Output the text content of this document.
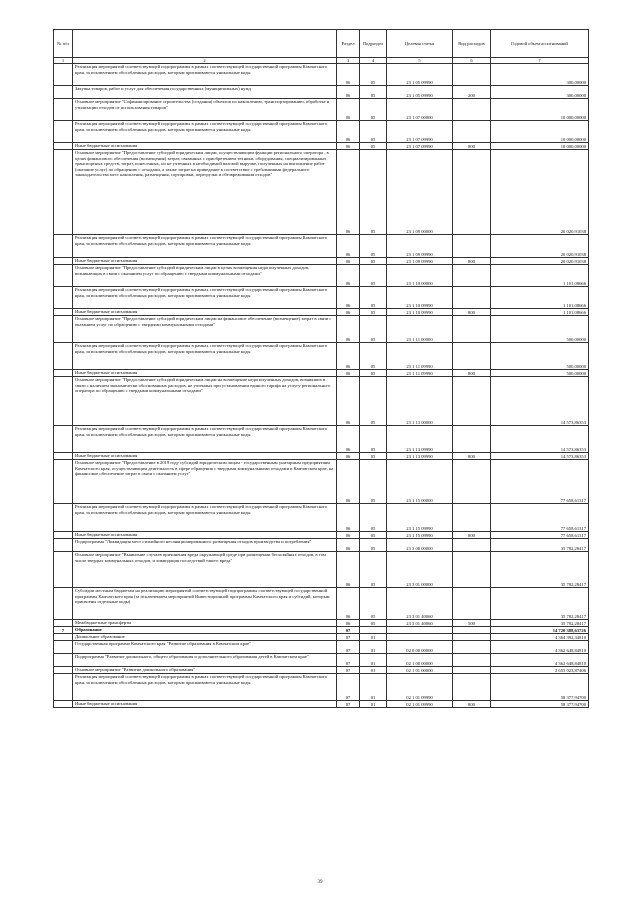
№ п/п		Раздел	Подраздел	Целевая статья	Вид расходов	Годовой объем ассигнований
1	2	3	4	5	6	7
	Реализация мероприятий соответствующей подпрограммы в рамках соответствующей государственной программы Камчатского края, за исключением обособленных расходов, которым присваиваются уникальные коды	06	05	23 1 05 09990		300,00000
	Закупка товаров, работ и услуг для обеспечения государственных (муниципальных) нужд	06	05	23 1 05 09990	200	300,00000
	Основное мероприятие "Софинансирование строительства (создания) объектов по накоплению, транспортированию, обработке и утилизации отходов от использования товаров"	06	05	23 1 07 00000		10 000,00000
	Реализация мероприятий соответствующей подпрограммы в рамках соответствующей государственной программы Камчатского края, за исключением обособленных расходов, которым присваиваются уникальные коды	06	05	23 1 07 09990		10 000,00000
	Иные бюджетные ассигнования	06	05	23 1 07 09990	800	10 000,00000
	Основное мероприятие "Предоставление субсидий юридическим лицам, осуществляющим функции регионального оператора , в целях финансового обеспечения (возмещения) затрат, связанных с приобретением техники, оборудования, специализированных транспортных средств, затрат, понесенных, но не учтенных в необходимой валовой выручке, полученных на выполнение работ (оказание услуг) по обращению с отходами, а также затрат на приведение в соответствие с требованиями федерального законодательства мест накопления, размещения, сортировки, перегрузки и обезвреживания отходов"	06	05	23 1 09 00000		20 020,91038
	Реализация мероприятий соответствующей подпрограммы в рамках соответствующей государственной программы Камчатского края, за исключением обособленных расходов, которым присваиваются уникальные коды	06	05	23 1 09 09990		20 020,91038
	Иные бюджетные ассигнования	06	05	23 1 09 09990	800	20 020,91038
	Основное мероприятие "Предоставление субсидий юридическим лицам в целях возмещения недополученных доходов, возникающих в связи с оказанием услуг по обращению с твердыми коммунальными отходами"	06	05	23 1 10 00000		1 101,08666
	Реализация мероприятий соответствующей подпрограммы в рамках соответствующей государственной программы Камчатского края, за исключением обособленных расходов, которым присваиваются уникальные коды	06	05	23 1 10 09990		1 101,08666
	Иные бюджетные ассигнования	06	05	23 1 10 09990	800	1 101,08666
	Основное мероприятие "Предоставление субсидий юридическим лицам на финансовое обеспечение (возмещение) затрат в связи с оказанием услуг по обращению с твердыми коммунальными отходами"	06	05	23 1 11 00000		500,00000
	Реализация мероприятий соответствующей подпрограммы в рамках соответствующей государственной программы Камчатского края, за исключением обособленных расходов, которым присваиваются уникальные коды	06	05	23 1 11 09990		500,00000
	Иные бюджетные ассигнования	06	05	23 1 11 09990	800	500,00000
	Основное мероприятие "Предоставление субсидий юридическим лицам на возмещение недополученных доходов, возникших в связи с наличием экономически обоснованных расходов, не учтенных при установлении единого тарифа на услугу регионального оператора по обращению с твердыми коммунальными отходами"	06	05	23 1 13 00000		14 573,86353
	Реализация мероприятий соответствующей подпрограммы в рамках соответствующей государственной программы Камчатского края, за исключением обособленных расходов, которым присваиваются уникальные коды	06	05	23 1 13 09990		14 573,86353
	Иные бюджетные ассигнования	06	05	23 1 13 09990	800	14 573,86353
	Основное мероприятие "Предоставление в 2019 году субсидий юридическим лицам - государственным унитарным предприятиям Камчатского края, осуществляющим деятельность в сфере обращения с твердыми коммунальными отходами в Камчатском крае, на финансовое обеспечение затрат в связи с оказанием услуг"	06	05	23 1 15 00000		77 658,61317
	Реализация мероприятий соответствующей подпрограммы в рамках соответствующей государственной программы Камчатского края, за исключением обособленных расходов, которым присваиваются уникальные коды	06	05	23 1 15 09990		77 658,61317
	Иные бюджетные ассигнования	06	05	23 1 15 09990	800	77 658,61317
	Подпрограмма "Ликвидация мест стихийного несанкционированного размещения отходов производства и потребления"	06	05	23 3 00 00000		35 782,28417
	Основное мероприятие "Выявление случаев причинения вреда окружающей среде при размещении бесхозяйных отходов, в том числе твердых коммунальных отходов, и ликвидация последствий такого вреда"	06	05	23 3 01 00000		35 782,28417
	Субсидии местным бюджетам на реализацию мероприятий соответствующей подпрограммы соответствующей государственной программы Камчатского края (за исключением мероприятий Инвестиционной программы Камчатского края и субсидий, которым присвоены отдельные коды)	06	05	23 3 01 40060		35 782,28417
	Межбюджетные трансферты	06	05	23 3 01 40060	500	35 782,28417
7	Образование	07				14 720 388,63726
	Дошкольное образование	07	01			4 364 392,34810
	Государственная программа Камчатского края "Развитие образования в Камчатском крае"	07	01	02 0 00 00000		4 362 648,84810
	Подпрограмма "Развитие дошкольного, общего образования и дополнительного образования детей в Камчатском крае"	07	01	02 1 00 00000		4 362 648,84810
	Основное мероприятие "Развитие дошкольного образования"	07	01	02 1 01 00000		2 655 023,87406
	Реализация мероприятий соответствующей подпрограммы в рамках соответствующей государственной программы Камчатского края, за исключением обособленных расходов, которым присваиваются уникальные коды	07	01	02 1 01 09990		58 377,94700
	Иные бюджетные ассигнования	07	01	02 1 01 09990	800	58 377,94700
39
